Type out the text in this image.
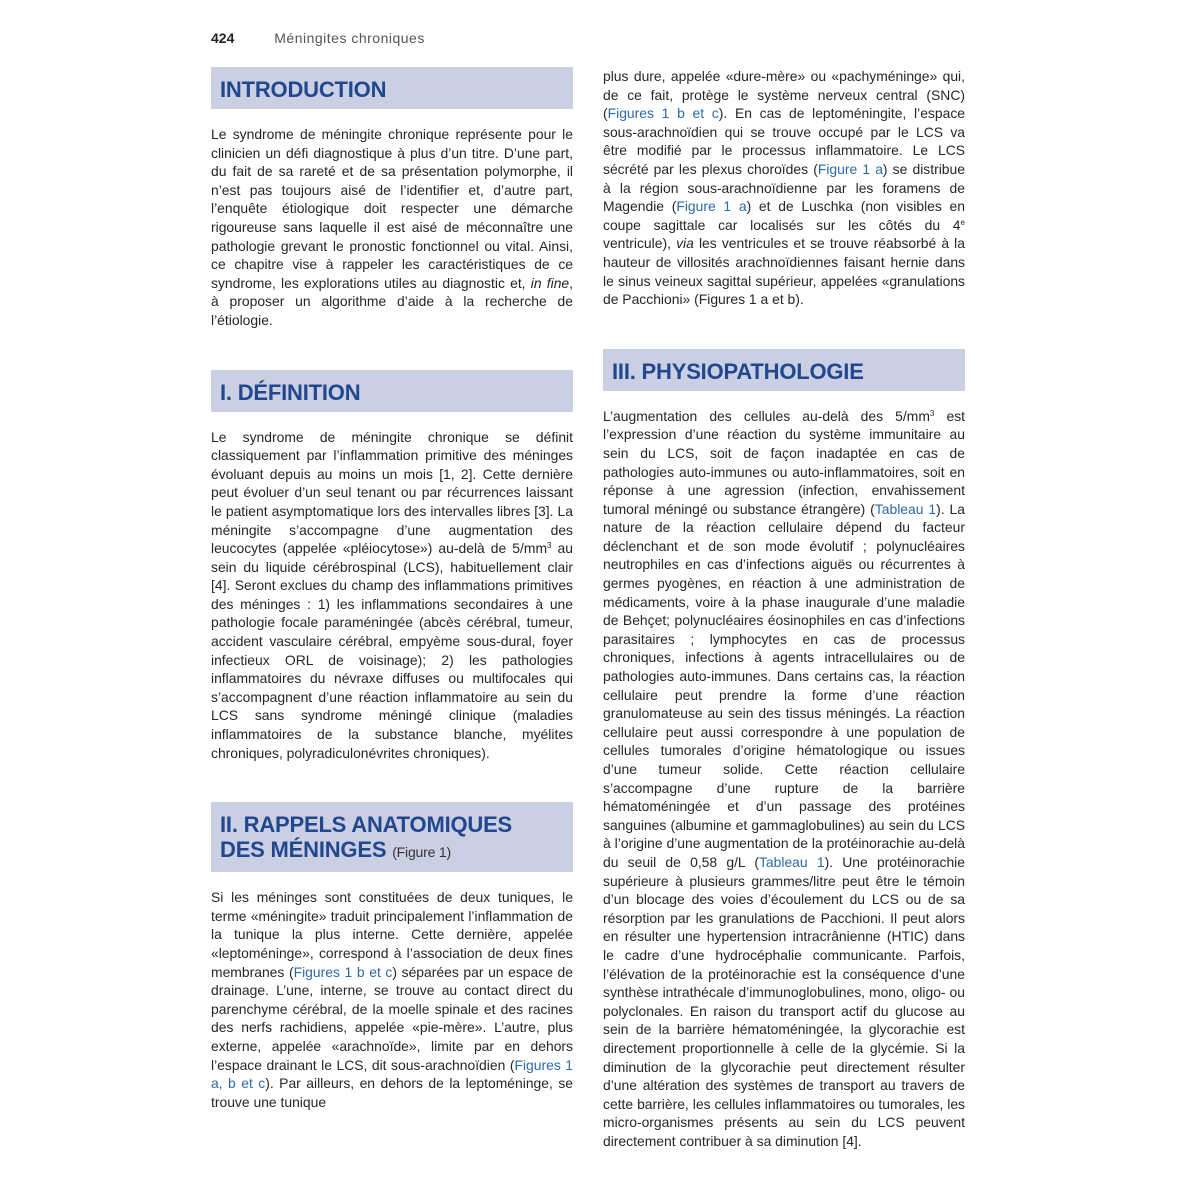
424	Méningites chroniques
INTRODUCTION

Le syndrome de méningite chronique représente pour le clinicien un défi diagnostique à plus d’un titre. D’une part, du fait de sa rareté et de sa présentation polymorphe, il n’est pas toujours aisé de l’identifier et, d’autre part, l’enquête étiologique doit respecter une démarche rigoureuse sans laquelle il est aisé de méconnaître une pathologie grevant le pronostic fonctionnel ou vital. Ainsi, ce chapitre vise à rappeler les caractéristiques de ce syndrome, les explorations utiles au diagnostic et, in fine, à proposer un algorithme d’aide à la recherche de l’étiologie.

I. DÉFINITION

Le syndrome de méningite chronique se définit classiquement par l’inflammation primitive des méninges évoluant depuis au moins un mois [1, 2]. Cette dernière peut évoluer d’un seul tenant ou par récurrences laissant le patient asymptomatique lors des intervalles libres [3]. La méningite s’accompagne d’une augmentation des leucocytes (appelée «pléiocytose») au-delà de $5/mm^3$ au sein du liquide cérébrospinal (LCS), habituellement clair [4]. Seront exclues du champ des inflammations primitives des méninges : 1) les inflammations secondaires à une pathologie focale paraméningée (abcès cérébral, tumeur, accident vasculaire cérébral, empyème sous-dural, foyer infectieux ORL de voisinage); 2) les pathologies inflammatoires du névraxe diffuses ou multifocales qui s’accompagnent d’une réaction inflammatoire au sein du LCS sans syndrome méningé clinique (maladies inflammatoires de la substance blanche, myélites chroniques, polyradiculonévrites chroniques).

II. RAPPELS ANATOMIQUES
DES MÉNINGES (Figure 1)

Si les méninges sont constituées de deux tuniques, le terme «méningite» traduit principalement l’inflammation de la tunique la plus interne. Cette dernière, appelée «leptoméninge», correspond à l’association de deux fines membranes (Figures 1 b et c) séparées par un espace de drainage. L’une, interne, se trouve au contact direct du parenchyme cérébral, de la moelle spinale et des racines des nerfs rachidiens, appelée «pie-mère». L’autre, plus externe, appelée «arachnoïde», limite par en dehors l’espace drainant le LCS, dit sous-arachnoïdien (Figures 1 a, b et c). Par ailleurs, en dehors de la leptoméninge, se trouve une tunique

plus dure, appelée «dure-mère» ou «pachyméninge» qui, de ce fait, protège le système nerveux central (SNC) (Figures 1 b et c). En cas de leptoméningite, l’espace sous-arachnoïdien qui se trouve occupé par le LCS va être modifié par le processus inflammatoire. Le LCS sécrété par les plexus choroïdes (Figure 1 a) se distribue à la région sous-arachnoïdienne par les foramens de Magendie (Figure 1 a) et de Luschka (non visibles en coupe sagittale car localisés sur les côtés du 4e ventricule), via les ventricules et se trouve réabsorbé à la hauteur de villosités arachnoïdiennes faisant hernie dans le sinus veineux sagittal supérieur, appelées «granulations de Pacchioni» (Figures 1 a et b).

III. PHYSIOPATHOLOGIE

L’augmentation des cellules au-delà des $5/mm^3$ est l’expression d’une réaction du système immunitaire au sein du LCS, soit de façon inadaptée en cas de pathologies auto-immunes ou auto-inflammatoires, soit en réponse à une agression (infection, envahissement tumoral méningé ou substance étrangère) (Tableau 1). La nature de la réaction cellulaire dépend du facteur déclenchant et de son mode évolutif ; polynucléaires neutrophiles en cas d’infections aiguës ou récurrentes à germes pyogènes, en réaction à une administration de médicaments, voire à la phase inaugurale d’une maladie de Behçet; polynucléaires éosinophiles en cas d’infections parasitaires ; lymphocytes en cas de processus chroniques, infections à agents intracellulaires ou de pathologies auto-immunes. Dans certains cas, la réaction cellulaire peut prendre la forme d’une réaction granulomateuse au sein des tissus méningés. La réaction cellulaire peut aussi correspondre à une population de cellules tumorales d’origine hématologique ou issues d’une tumeur solide. Cette réaction cellulaire s’accompagne d’une rupture de la barrière hématoméningée et d’un passage des protéines sanguines (albumine et gammaglobulines) au sein du LCS à l’origine d’une augmentation de la protéinorachie au-delà du seuil de 0,58 g/L (Tableau 1). Une protéinorachie supérieure à plusieurs grammes/litre peut être le témoin d’un blocage des voies d’écoulement du LCS ou de sa résorption par les granulations de Pacchioni. Il peut alors en résulter une hypertension intracrânienne (HTIC) dans le cadre d’une hydrocéphalie communicante. Parfois, l’élévation de la protéinorachie est la conséquence d’une synthèse intrathécale d’immunoglobulines, mono, oligo- ou polyclonales. En raison du transport actif du glucose au sein de la barrière hématoméningée, la glycorachie est directement proportionnelle à celle de la glycémie. Si la diminution de la glycorachie peut directement résulter d’une altération des systèmes de transport au travers de cette barrière, les cellules inflammatoires ou tumorales, les micro-organismes présents au sein du LCS peuvent directement contribuer à sa diminution [4].
